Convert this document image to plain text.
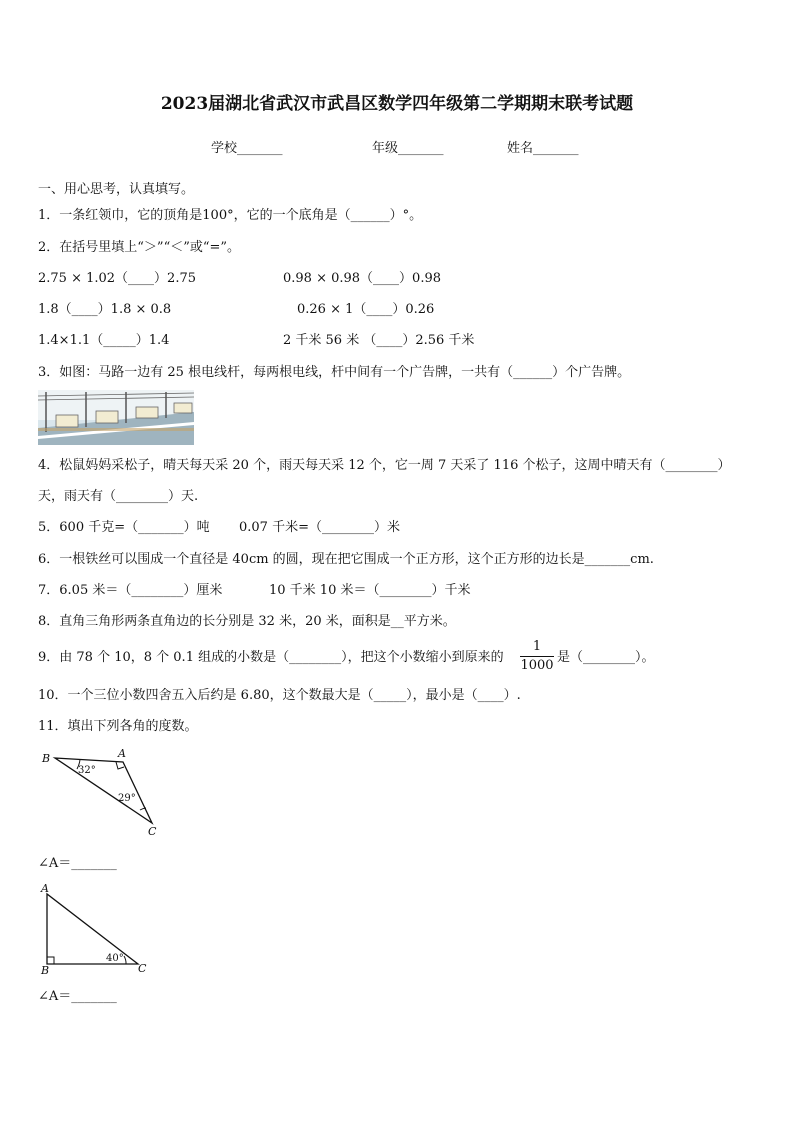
2023届湖北省武汉市武昌区数学四年级第二学期期末联考试题
学校_______	年级_______	姓名_______
一、用心思考，认真填写。
1．一条红领巾，它的顶角是100°，它的一个底角是（______）°。
2．在括号里填上“＞”“＜”或“=”。
2.75 × 1.02（____）2.75	0.98 × 0.98（____）0.98
1.8（____）1.8 × 0.8	0.26 × 1（____）0.26
1.4×1.1（_____）1.4	2 千米 56 米 （____）2.56 千米
3．如图：马路一边有 25 根电线杆，每两根电线，杆中间有一个广告牌，一共有（______）个广告牌。
4．松鼠妈妈采松子，晴天每天采 20 个，雨天每天采 12 个，它一周 7 天采了 116 个松子，这周中晴天有（________）
天，雨天有（________）天.
5．600 千克=（_______）吨 0.07 千米=（________）米
6．一根铁丝可以围成一个直径是 40cm 的圆，现在把它围成一个正方形，这个正方形的边长是_______cm.
7．6.05 米＝（________）厘米	10 千米 10 米＝（________）千米
8．直角三角形两条直角边的长分别是 32 米，20 米，面积是__平方米。
9．由 78 个 10，8 个 0.1 组成的小数是（________），把这个小数缩小到原来的
1
1000
是（________）。
10．一个三位小数四舍五入后约是 6.80，这个数最大是（_____），最小是（____）.
11．填出下列各角的度数。
B	A
C
32°
29°
∠A＝_______
A
B	C
40°
∠A＝_______
